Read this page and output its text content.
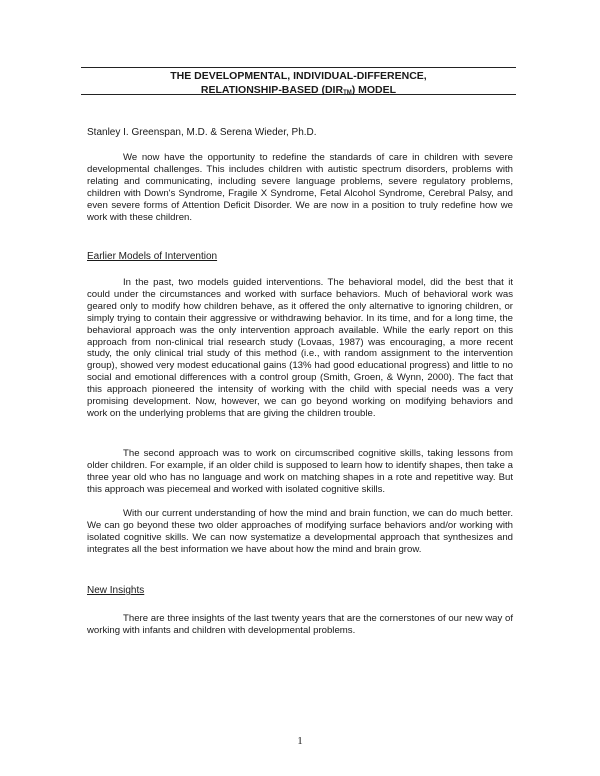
THE DEVELOPMENTAL, INDIVIDUAL-DIFFERENCE,
RELATIONSHIP-BASED $(DIR_{TM})$ MODEL
Stanley I. Greenspan, M.D. & Serena Wieder, Ph.D.

We now have the opportunity to redefine the standards of care in children with severe developmental challenges. This includes children with autistic spectrum disorders, problems with relating and communicating, including severe language problems, severe regulatory problems, children with Down's Syndrome, Fragile X Syndrome, Fetal Alcohol Syndrome, Cerebral Palsy, and even severe forms of Attention Deficit Disorder. We are now in a position to truly redefine how we work with these children.

Earlier Models of Intervention

In the past, two models guided interventions. The behavioral model, did the best that it could under the circumstances and worked with surface behaviors. Much of behavioral work was geared only to modify how children behave, as it offered the only alternative to ignoring children, or simply trying to contain their aggressive or withdrawing behavior. In its time, and for a long time, the behavioral approach was the only intervention approach available. While the early report on this approach from non-clinical trial research study (Lovaas, 1987) was encouraging, a more recent study, the only clinical trial study of this method (i.e., with random assignment to the intervention group), showed very modest educational gains (13% had good educational progress) and little to no social and emotional differences with a control group (Smith, Groen, & Wynn, 2000). The fact that this approach pioneered the intensity of working with the child with special needs was a very promising development. Now, however, we can go beyond working on modifying behaviors and work on the underlying problems that are giving the children trouble.

The second approach was to work on circumscribed cognitive skills, taking lessons from older children. For example, if an older child is supposed to learn how to identify shapes, then take a three year old who has no language and work on matching shapes in a rote and repetitive way. But this approach was piecemeal and worked with isolated cognitive skills.

With our current understanding of how the mind and brain function, we can do much better. We can go beyond these two older approaches of modifying surface behaviors and/or working with isolated cognitive skills. We can now systematize a developmental approach that synthesizes and integrates all the best information we have about how the mind and brain grow.

New Insights

There are three insights of the last twenty years that are the cornerstones of our new way of working with infants and children with developmental problems.

1
